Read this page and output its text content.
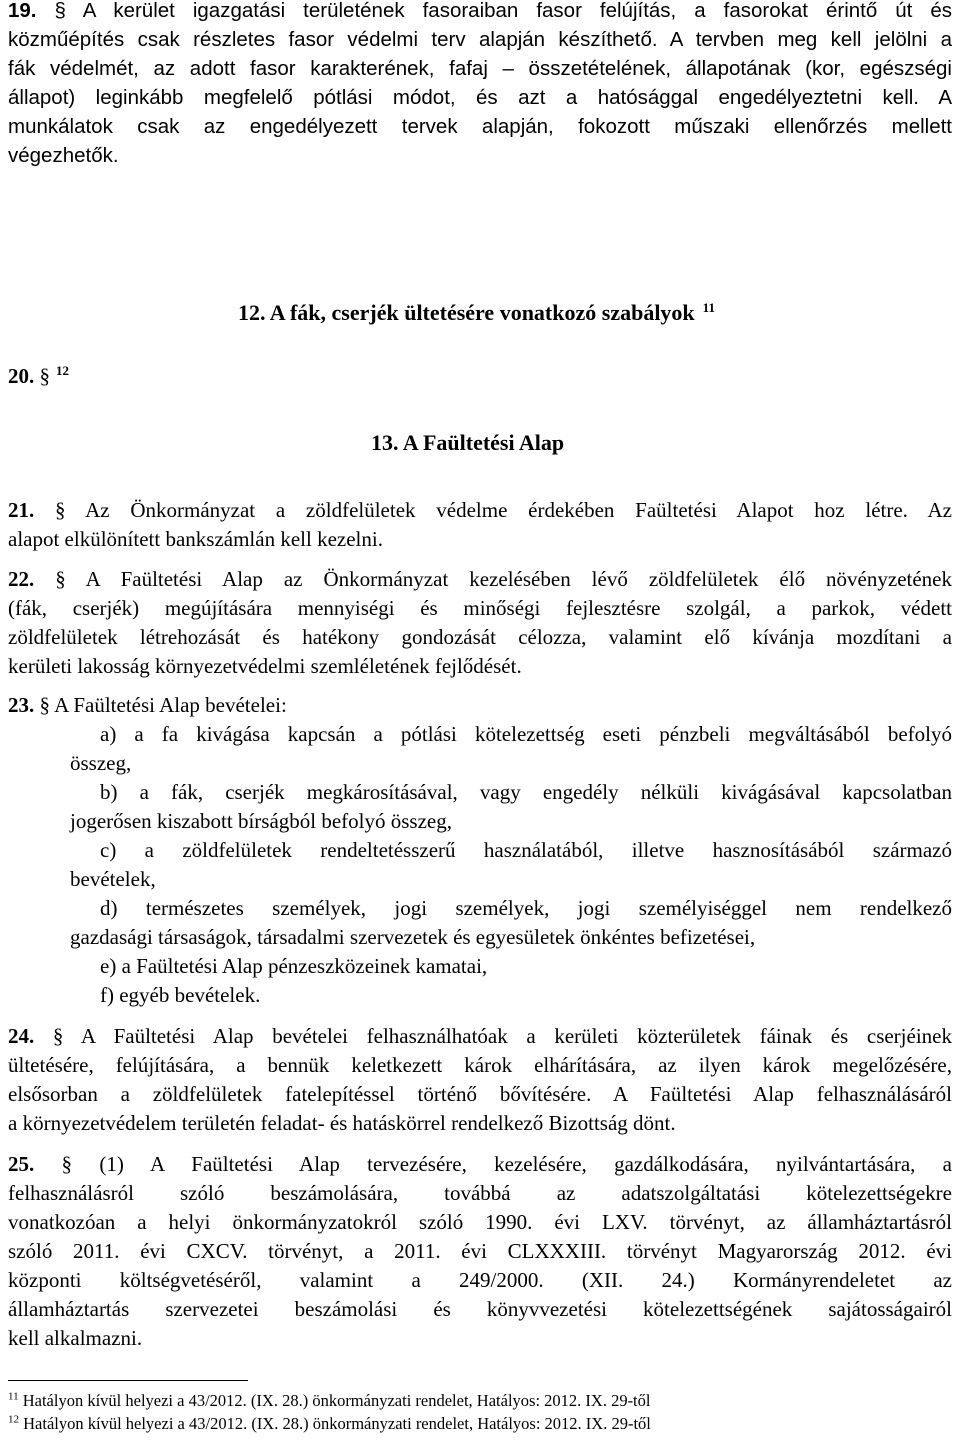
19. § A kerület igazgatási területének fasoraiban fasor felújítás, a fasorokat érintő út és
közműépítés csak részletes fasor védelmi terv alapján készíthető. A tervben meg kell jelölni a
fák védelmét, az adott fasor karakterének, fafaj – összetételének, állapotának (kor, egészségi
állapot) leginkább megfelelő pótlási módot, és azt a hatósággal engedélyeztetni kell. A
munkálatok csak az engedélyezett tervek alapján, fokozott műszaki ellenőrzés mellett
végezhetők.
12. A fák, cserjék ültetésére vonatkozó szabályok $^{11}$
20. § $^{12}$
13. A Faültetési Alap
21. § Az Önkormányzat a zöldfelületek védelme érdekében Faültetési Alapot hoz létre. Az
alapot elkülönített bankszámlán kell kezelni.
22. § A Faültetési Alap az Önkormányzat kezelésében lévő zöldfelületek élő növényzetének
(fák, cserjék) megújítására mennyiségi és minőségi fejlesztésre szolgál, a parkok, védett
zöldfelületek létrehozását és hatékony gondozását célozza, valamint elő kívánja mozdítani a
kerületi lakosság környezetvédelmi szemléletének fejlődését.
23. § A Faültetési Alap bevételei:
a) a fa kivágása kapcsán a pótlási kötelezettség eseti pénzbeli megváltásából befolyó
összeg,
b) a fák, cserjék megkárosításával, vagy engedély nélküli kivágásával kapcsolatban
jogerősen kiszabott bírságból befolyó összeg,
c) a zöldfelületek rendeltetésszerű használatából, illetve hasznosításából származó
bevételek,
d) természetes személyek, jogi személyek, jogi személyiséggel nem rendelkező
gazdasági társaságok, társadalmi szervezetek és egyesületek önkéntes befizetései,
e) a Faültetési Alap pénzeszközeinek kamatai,
f) egyéb bevételek.
24. § A Faültetési Alap bevételei felhasználhatóak a kerületi közterületek fáinak és cserjéinek
ültetésére, felújítására, a bennük keletkezett károk elhárítására, az ilyen károk megelőzésére,
elsősorban a zöldfelületek fatelepítéssel történő bővítésére. A Faültetési Alap felhasználásáról
a környezetvédelem területén feladat- és hatáskörrel rendelkező Bizottság dönt.
25. § (1) A Faültetési Alap tervezésére, kezelésére, gazdálkodására, nyilvántartására, a
felhasználásról szóló beszámolására, továbbá az adatszolgáltatási kötelezettségekre
vonatkozóan a helyi önkormányzatokról szóló 1990. évi LXV. törvényt, az államháztartásról
szóló 2011. évi CXCV. törvényt, a 2011. évi CLXXXIII. törvényt Magyarország 2012. évi
központi költségvetéséről, valamint a 249/2000. (XII. 24.) Kormányrendeletet az
államháztartás szervezetei beszámolási és könyvvezetési kötelezettségének sajátosságairól
kell alkalmazni.
$^{11}$ Hatályon kívül helyezi a 43/2012. (IX. 28.) önkormányzati rendelet, Hatályos: 2012. IX. 29-től
$^{12}$ Hatályon kívül helyezi a 43/2012. (IX. 28.) önkormányzati rendelet, Hatályos: 2012. IX. 29-től
